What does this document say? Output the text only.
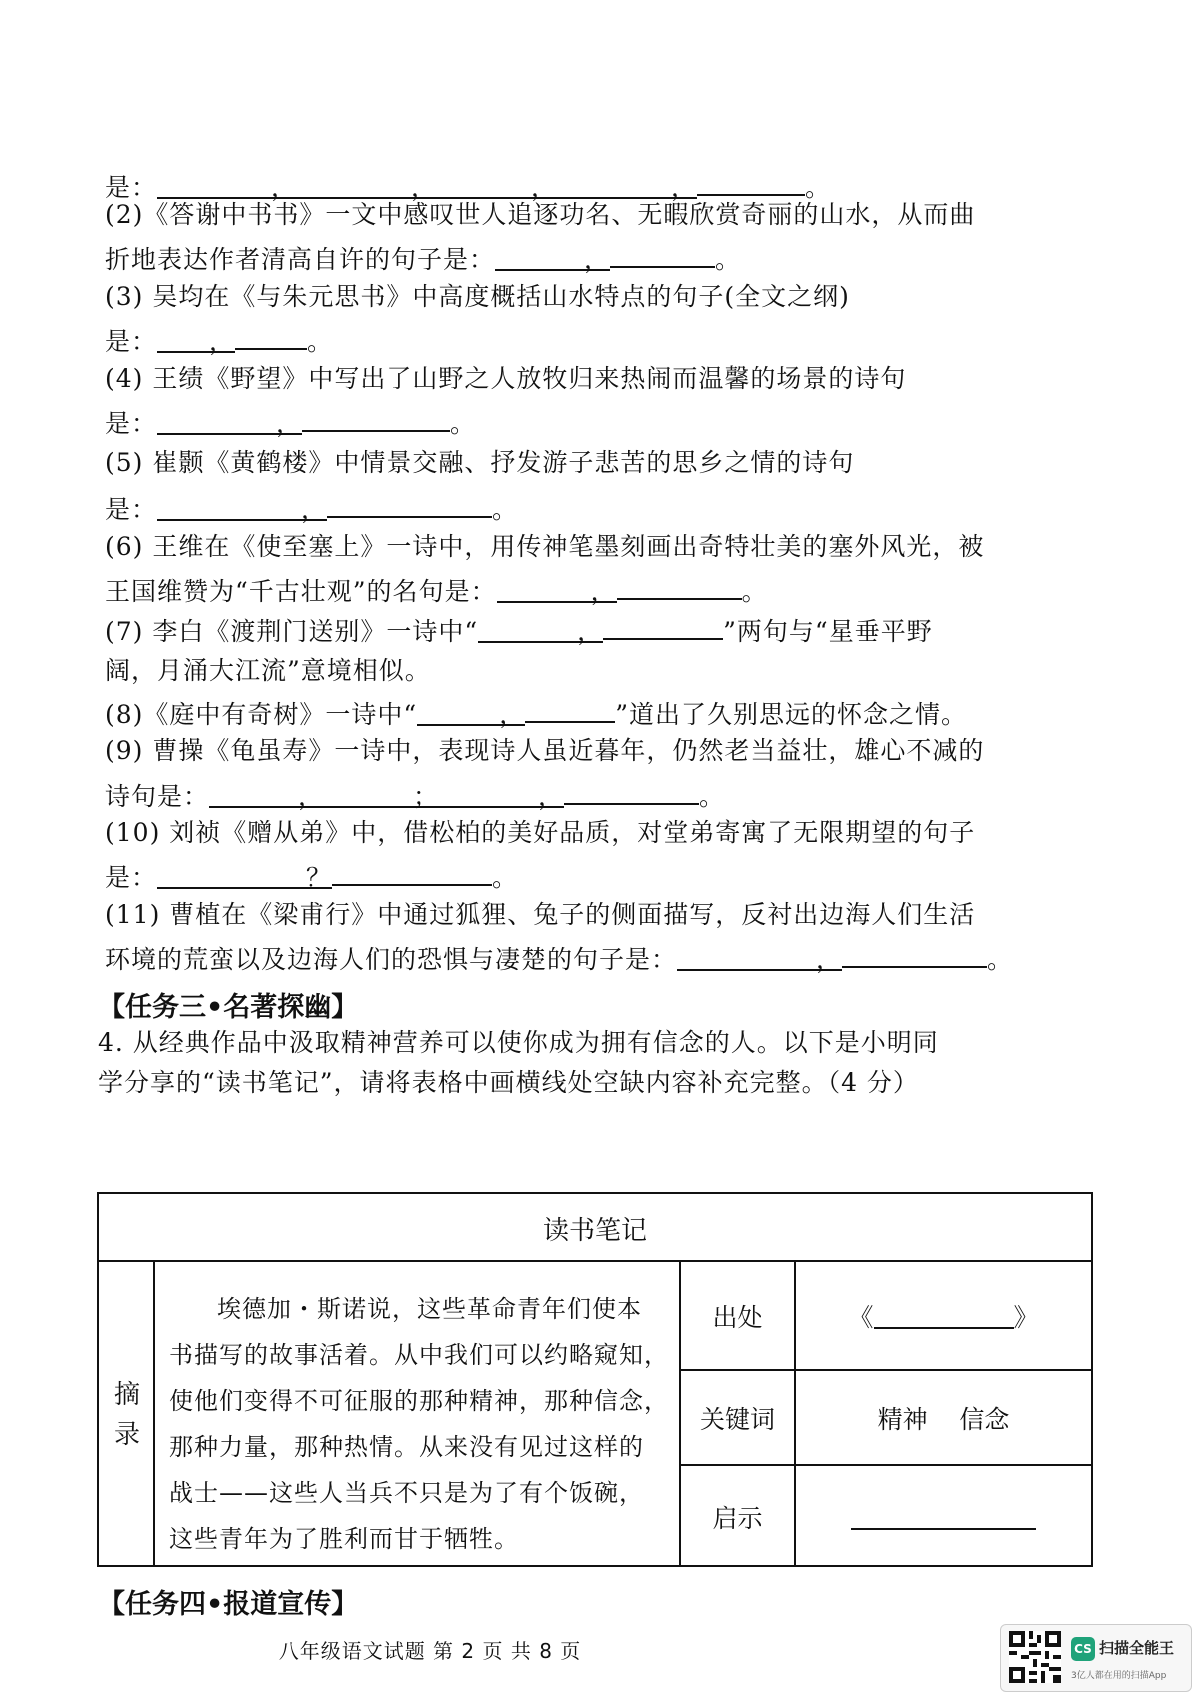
是：	，	，	，	，	。
(2)《答谢中书书》一文中感叹世人追逐功名、无暇欣赏奇丽的山水，从而曲
折地表达作者清高自许的句子是：	，	。
(3) 吴均在《与朱元思书》中高度概括山水特点的句子(全文之纲)
是： ，	。
(4) 王绩《野望》中写出了山野之人放牧归来热闹而温馨的场景的诗句
是：	，	。
(5) 崔颢《黄鹤楼》中情景交融、抒发游子悲苦的思乡之情的诗句
是：	，	。
(6) 王维在《使至塞上》一诗中，用传神笔墨刻画出奇特壮美的塞外风光，被
王国维赞为“千古壮观”的名句是：	，	。
(7) 李白《渡荆门送别》一诗中“	，	”两句与“星垂平野
阔，月涌大江流”意境相似。
(8)《庭中有奇树》一诗中“	，	”道出了久别思远的怀念之情。
(9) 曹操《龟虽寿》一诗中，表现诗人虽近暮年，仍然老当益壮，雄心不减的
诗句是：	，	；	，	。
(10) 刘祯《赠从弟》中，借松柏的美好品质，对堂弟寄寓了无限期望的句子
是：	？	。
(11) 曹植在《梁甫行》中通过狐狸、兔子的侧面描写，反衬出边海人们生活
环境的荒蛮以及边海人们的恐惧与凄楚的句子是：	，	。
【任务三•名著探幽】
4. 从经典作品中汲取精神营养可以使你成为拥有信念的人。以下是小明同
学分享的“读书笔记”，请将表格中画横线处空缺内容补充完整。（4 分）
读书笔记
摘
录

埃德加・斯诺说，这些革命青年们使本

书描写的故事活着。从中我们可以约略窥知，

使他们变得不可征服的那种精神，那种信念，

那种力量，那种热情。从来没有见过这样的

战士——这些人当兵不只是为了有个饭碗，

这些青年为了胜利而甘于牺牲。

出处	《	》
关键词	精神    信念
启示
【任务四•报道宣传】
八年级语文试题 第 2 页 共 8 页	CS 扫描全能王
3亿人都在用的扫描App
